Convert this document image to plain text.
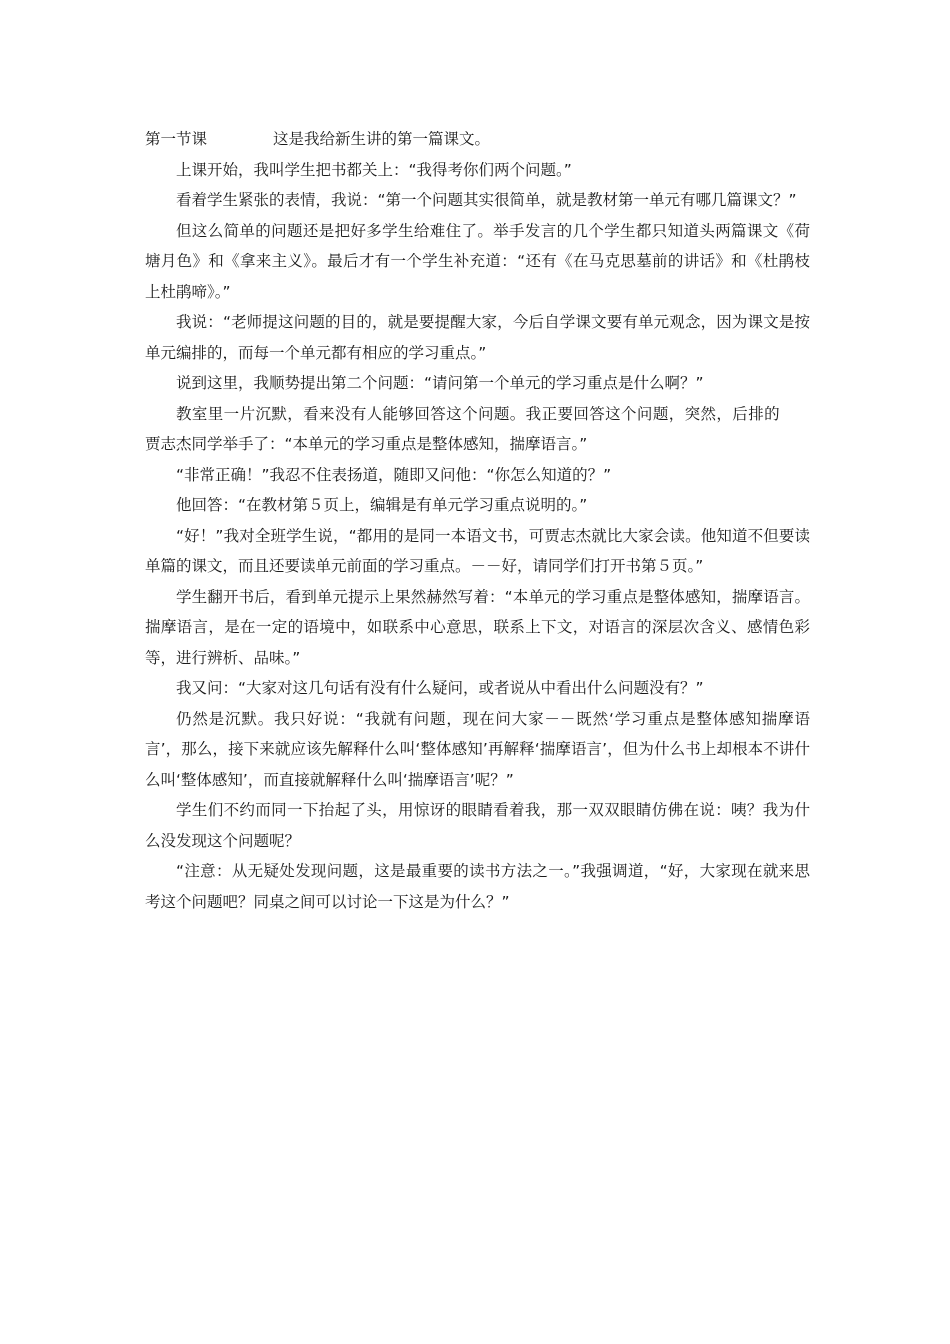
第一节课	这是我给新生讲的第一篇课文。

上课开始，我叫学生把书都关上：“我得考你们两个问题。”

看着学生紧张的表情，我说：“第一个问题其实很简单，就是教材第一单元有哪几篇课文？”

但这么简单的问题还是把好多学生给难住了。举手发言的几个学生都只知道头两篇课文《荷塘月色》和《拿来主义》。最后才有一个学生补充道：“还有《在马克思墓前的讲话》和《杜鹃枝上杜鹃啼》。”

我说：“老师提这问题的目的，就是要提醒大家，今后自学课文要有单元观念，因为课文是按单元编排的，而每一个单元都有相应的学习重点。”

说到这里，我顺势提出第二个问题：“请问第一个单元的学习重点是什么啊？”

教室里一片沉默，看来没有人能够回答这个问题。我正要回答这个问题，突然，后排的贾志杰同学举手了：“本单元的学习重点是整体感知，揣摩语言。”

“非常正确！”我忍不住表扬道，随即又问他：“你怎么知道的？”

他回答：“在教材第５页上，编辑是有单元学习重点说明的。”

“好！”我对全班学生说，“都用的是同一本语文书，可贾志杰就比大家会读。他知道不但要读单篇的课文，而且还要读单元前面的学习重点。－－好，请同学们打开书第５页。”

学生翻开书后，看到单元提示上果然赫然写着：“本单元的学习重点是整体感知，揣摩语言。揣摩语言，是在一定的语境中，如联系中心意思，联系上下文，对语言的深层次含义、感情色彩等，进行辨析、品味。”

我又问：“大家对这几句话有没有什么疑问，或者说从中看出什么问题没有？”

仍然是沉默。我只好说：“我就有问题，现在问大家－－既然‘学习重点是整体感知揣摩语言’，那么，接下来就应该先解释什么叫‘整体感知’再解释‘揣摩语言’，但为什么书上却根本不讲什么叫‘整体感知’，而直接就解释什么叫‘揣摩语言’呢？”

学生们不约而同一下抬起了头，用惊讶的眼睛看着我，那一双双眼睛仿佛在说：咦？我为什么没发现这个问题呢？

“注意：从无疑处发现问题，这是最重要的读书方法之一。”我强调道，“好，大家现在就来思考这个问题吧？同桌之间可以讨论一下这是为什么？”
